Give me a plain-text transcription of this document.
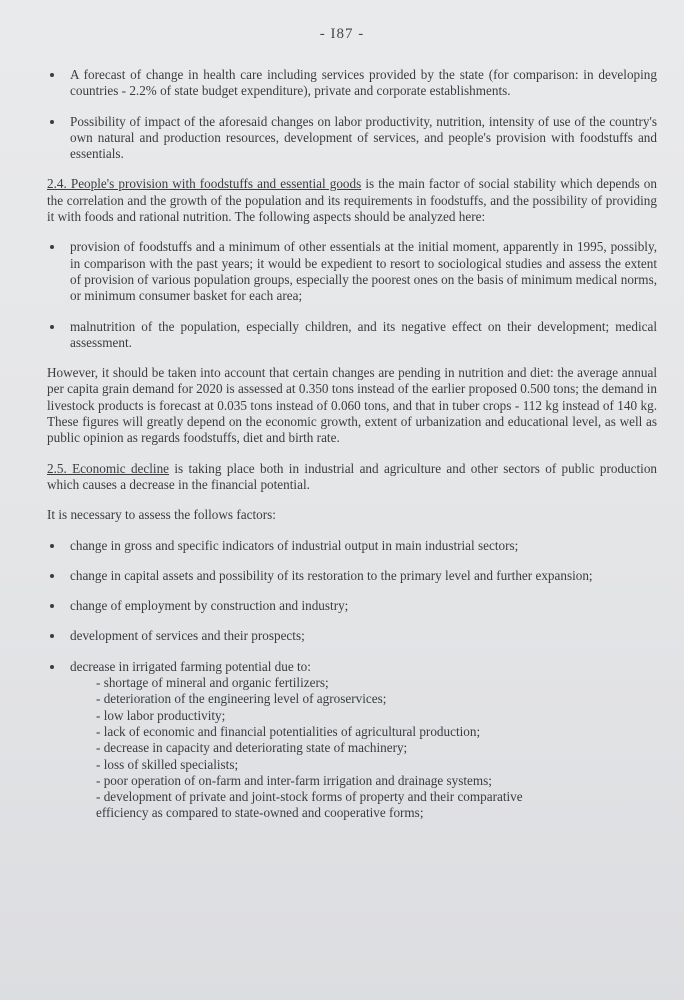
- I87 -
A forecast of change in health care including services provided by the state (for comparison: in developing countries - 2.2% of state budget expenditure), private and corporate establishments.
Possibility of impact of the aforesaid changes on labor productivity, nutrition, intensity of use of the country's own natural and production resources, development of services, and people's provision with foodstuffs and essentials.

2.4. People's provision with foodstuffs and essential goods is the main factor of social stability which depends on the correlation and the growth of the population and its requirements in foodstuffs, and the possibility of providing it with foods and rational nutrition. The following aspects should be analyzed here:

provision of foodstuffs and a minimum of other essentials at the initial moment, apparently in 1995, possibly, in comparison with the past years; it would be expedient to resort to sociological studies and assess the extent of provision of various population groups, especially the poorest ones on the basis of minimum medical norms, or minimum consumer basket for each area;
malnutrition of the population, especially children, and its negative effect on their development; medical assessment.

However, it should be taken into account that certain changes are pending in nutrition and diet: the average annual per capita grain demand for 2020 is assessed at 0.350 tons instead of the earlier proposed 0.500 tons; the demand in livestock products is forecast at 0.035 tons instead of 0.060 tons, and that in tuber crops - 112 kg instead of 140 kg. These figures will greatly depend on the economic growth, extent of urbanization and educational level, as well as public opinion as regards foodstuffs, diet and birth rate.

2.5. Economic decline is taking place both in industrial and agriculture and other sectors of public production which causes a decrease in the financial potential.

It is necessary to assess the follows factors:

change in gross and specific indicators of industrial output in main industrial sectors;
change in capital assets and possibility of its restoration to the primary level and further expansion;
change of employment by construction and industry;
development of services and their prospects;
decrease in irrigated farming potential due to:
- shortage of mineral and organic fertilizers;
- deterioration of the engineering level of agroservices;
- low labor productivity;
- lack of economic and financial potentialities of agricultural production;
- decrease in capacity and deteriorating state of machinery;
- loss of skilled specialists;
- poor operation of on-farm and inter-farm irrigation and drainage systems;
- development of private and joint-stock forms of property and their comparative
efficiency as compared to state-owned and cooperative forms;
